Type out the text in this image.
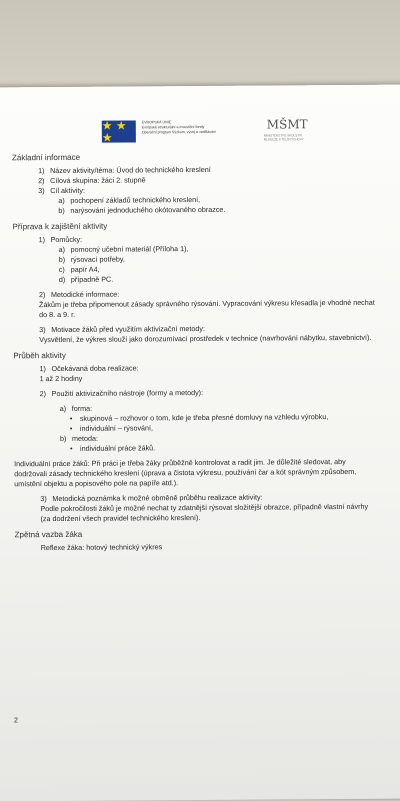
★ ★ ★
EVROPSKÁ UNIE
Evropské strukturální a investiční fondy
Operační program Výzkum, vývoj a vzdělávání
MŠMT
MINISTERSTVO ŠKOLSTVÍ, MLÁDEŽE A TĚLOVÝCHOVY
Základní informace
1) Název aktivity/téma: Úvod do technického kreslení
2) Cílová skupina: žáci 2. stupně
3) Cíl aktivity:
a) pochopení základů technického kreslení,
b) narýsování jednoduchého okótovaného obrazce.
Příprava k zajištění aktivity
1) Pomůcky:
a) pomocný učební materiál (Příloha 1),
b) rýsovací potřeby,
c) papír A4,
d) případně PC.
2) Metodické informace:
Žákům je třeba připomenout zásady správného rýsování. Vypracování výkresu křesadla je vhodné nechat do 8. a 9. r.
3) Motivace žáků před využitím aktivizační metody:
Vysvětlení, že výkres slouží jako dorozumívací prostředek v technice (navrhování nábytku, stavebnictví).
Průběh aktivity
1) Očekávaná doba realizace:
1 až 2 hodiny
2) Použití aktivizačního nástroje (formy a metody):
a) forma:
• skupinová – rozhovor o tom, kde je třeba přesné domluvy na vzhledu výrobku,
• individuální – rýsování,
b) metoda:
• individuální práce žáků.
Individuální práce žáků: Při práci je třeba žáky průběžně kontrolovat a radit jim. Je důležité sledovat, aby dodržovali zásady technického kreslení (úprava a čistota výkresu, používání čar a kót správným způsobem, umístění objektu a popisového pole na papíře atd.).
3) Metodická poznámka k možné obměně průběhu realizace aktivity:
Podle pokročilosti žáků je možné nechat ty zdatnější rýsovat složitější obrazce, případně vlastní návrhy (za dodržení všech pravidel technického kreslení).
Zpětná vazba žáka
Reflexe žáka: hotový technický výkres
2
